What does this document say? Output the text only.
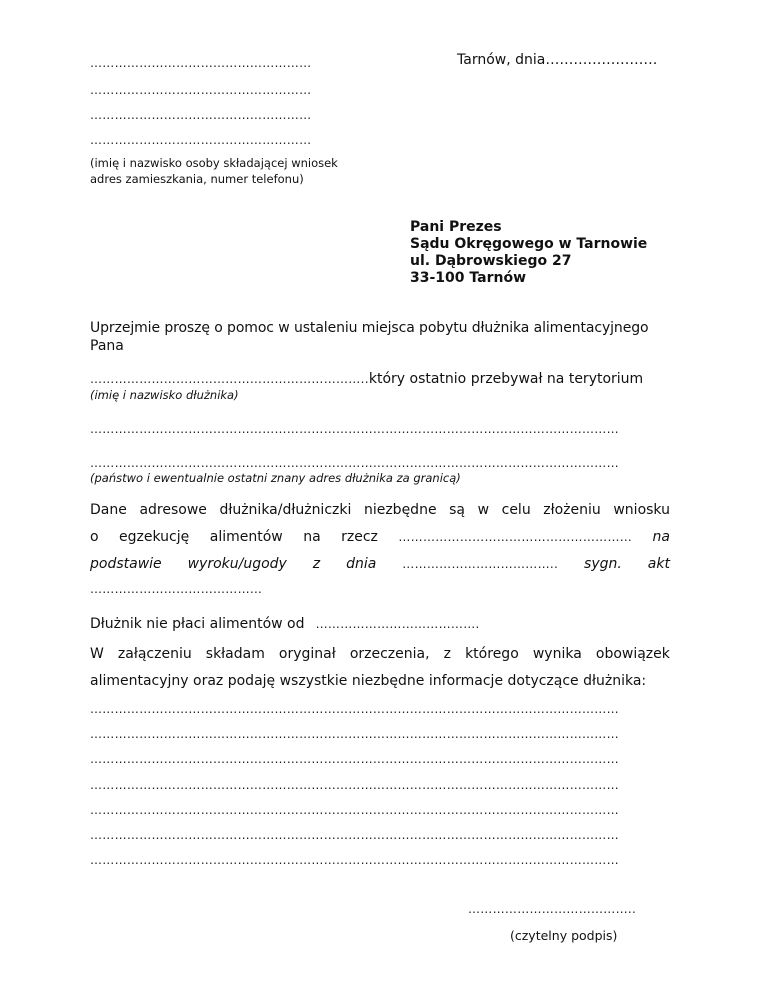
………………………………………………
………………………………………………
………………………………………………
………………………………………………
(imię i nazwisko osoby składającej wniosek
adres zamieszkania, numer telefonu)
Tarnów, dnia……………………
Pani Prezes
Sądu Okręgowego w Tarnowie
ul. Dąbrowskiego 27
33-100 Tarnów
Uprzejmie proszę o pomoc w ustaleniu miejsca pobytu dłużnika alimentacyjnego
Pana
…………………………………………………………..który ostatnio przebywał na terytorium
(imię i nazwisko dłużnika)
…………………………………………………………………………………………………………………
…………………………………………………………………………………………………………………
(państwo i ewentualnie ostatni znany adres dłużnika za granicą)
Dane adresowe dłużnika/dłużniczki niezbędne są w celu złożeniu wniosku
o egzekucję alimentów na rzecz ………………………………………………… na
podstawie wyroku/ugody z dnia ……………………………….. sygn. akt
……………………………………
Dłużnik nie płaci alimentów od ………………………………….
W załączeniu składam oryginał orzeczenia, z którego wynika obowiązek
alimentacyjny oraz podaję wszystkie niezbędne informacje dotyczące dłużnika:
…………………………………………………………………………………………………………………
…………………………………………………………………………………………………………………
…………………………………………………………………………………………………………………
…………………………………………………………………………………………………………………
…………………………………………………………………………………………………………………
…………………………………………………………………………………………………………………
…………………………………………………………………………………………………………………
…………………………………..
(czytelny podpis)
